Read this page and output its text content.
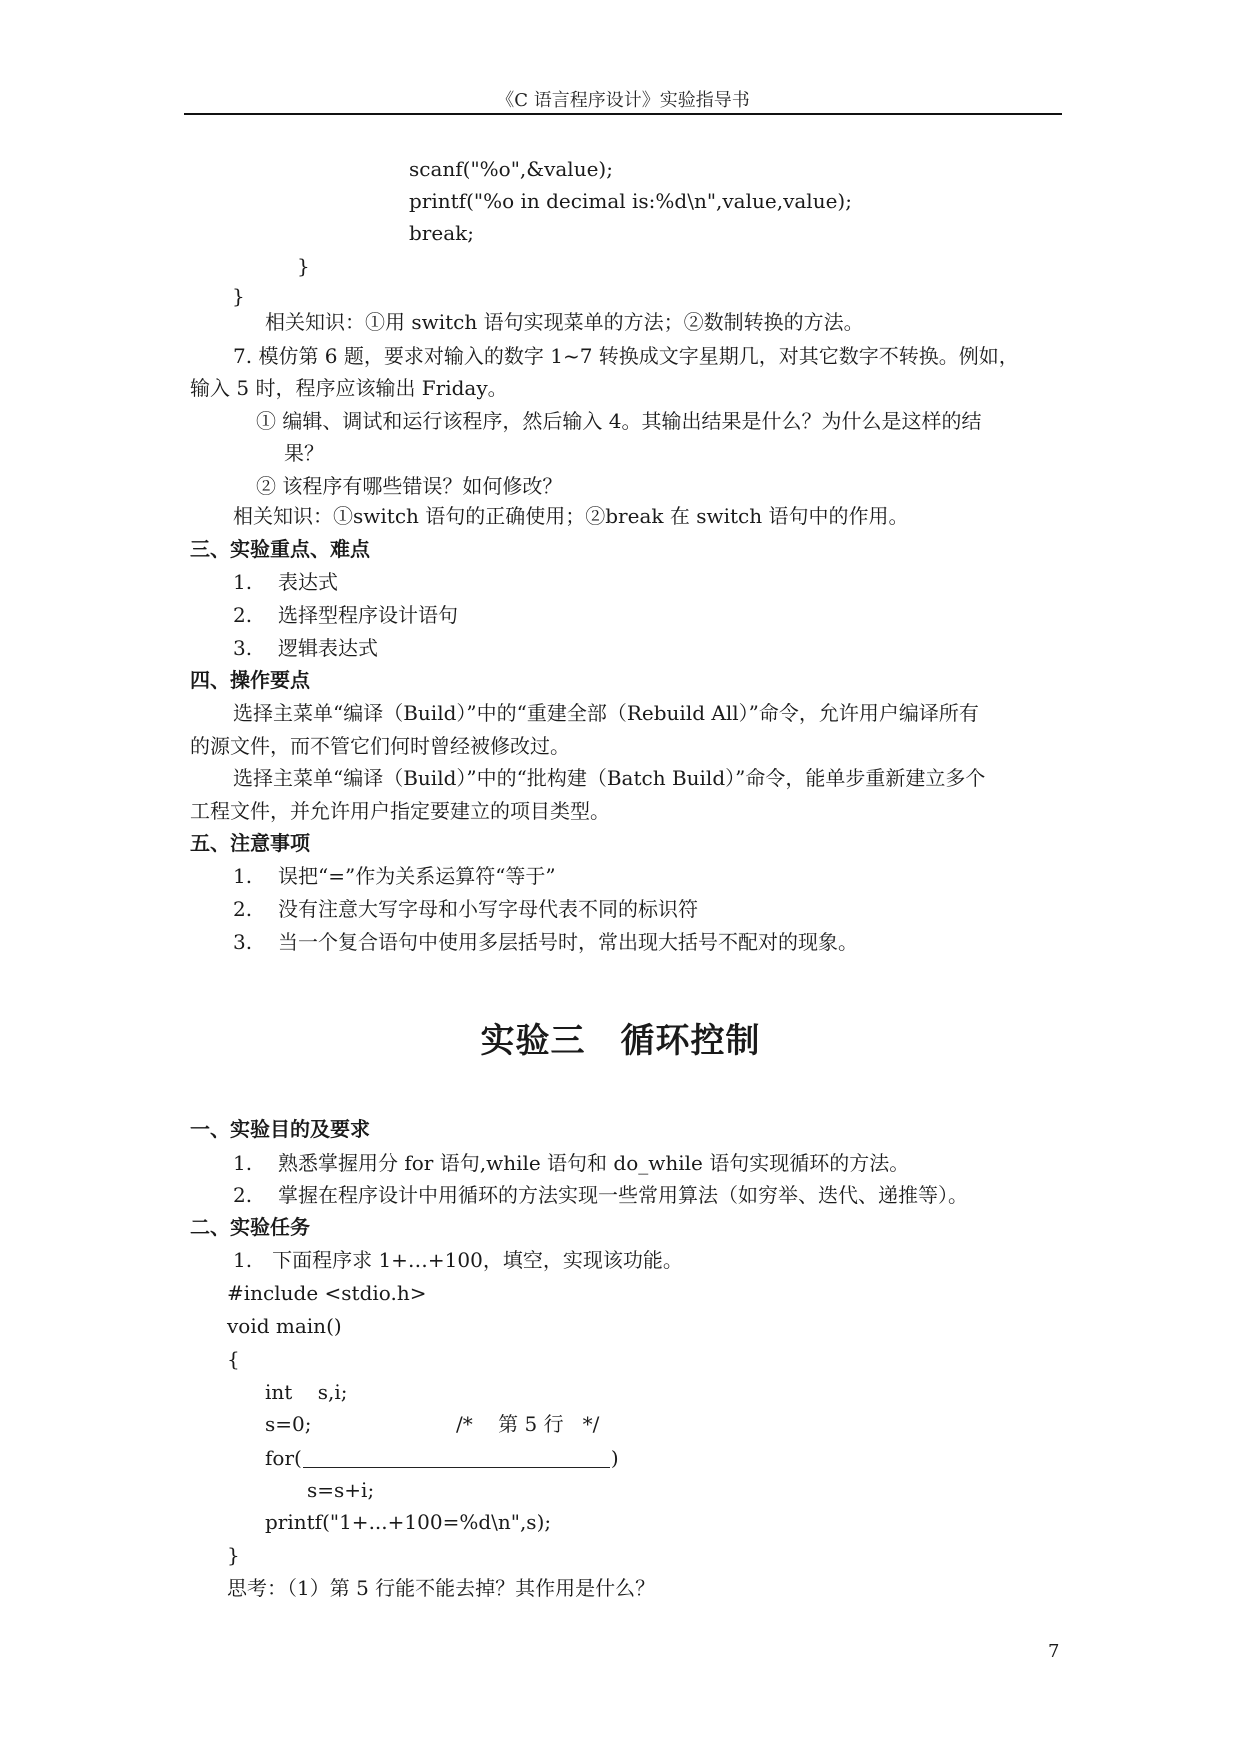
《C 语言程序设计》实验指导书
scanf("%o",&value);
printf("%o in decimal is:%d\n",value,value);
break;
}
}
相关知识：①用 switch 语句实现菜单的方法；②数制转换的方法。
7. 模仿第 6 题，要求对输入的数字 1~7 转换成文字星期几，对其它数字不转换。例如，
输入 5 时，程序应该输出 Friday。
① 编辑、调试和运行该程序，然后输入 4。其输出结果是什么？为什么是这样的结
果？
② 该程序有哪些错误？如何修改？
相关知识：①switch 语句的正确使用；②break 在 switch 语句中的作用。
三、实验重点、难点
1. 表达式
2. 选择型程序设计语句
3. 逻辑表达式
四、操作要点
选择主菜单“编译（Build）”中的“重建全部（Rebuild All）”命令，允许用户编译所有
的源文件，而不管它们何时曾经被修改过。
选择主菜单“编译（Build）”中的“批构建（Batch Build）”命令，能单步重新建立多个
工程文件，并允许用户指定要建立的项目类型。
五、注意事项
1. 误把“=”作为关系运算符“等于”
2. 没有注意大写字母和小写字母代表不同的标识符
3. 当一个复合语句中使用多层括号时，常出现大括号不配对的现象。
实验三　循环控制
一、实验目的及要求
1. 熟悉掌握用分 for 语句,while 语句和 do_while 语句实现循环的方法。
2. 掌握在程序设计中用循环的方法实现一些常用算法（如穷举、迭代、递推等）。
二、实验任务
1.　下面程序求 1+…+100，填空，实现该功能。
#include <stdio.h>
void main()
{
int    s,i;
s=0;	/*    第 5 行   */
for(	)
s=s+i;
printf("1+...+100=%d\n",s);
}
思考：（1）第 5 行能不能去掉？其作用是什么？
7
